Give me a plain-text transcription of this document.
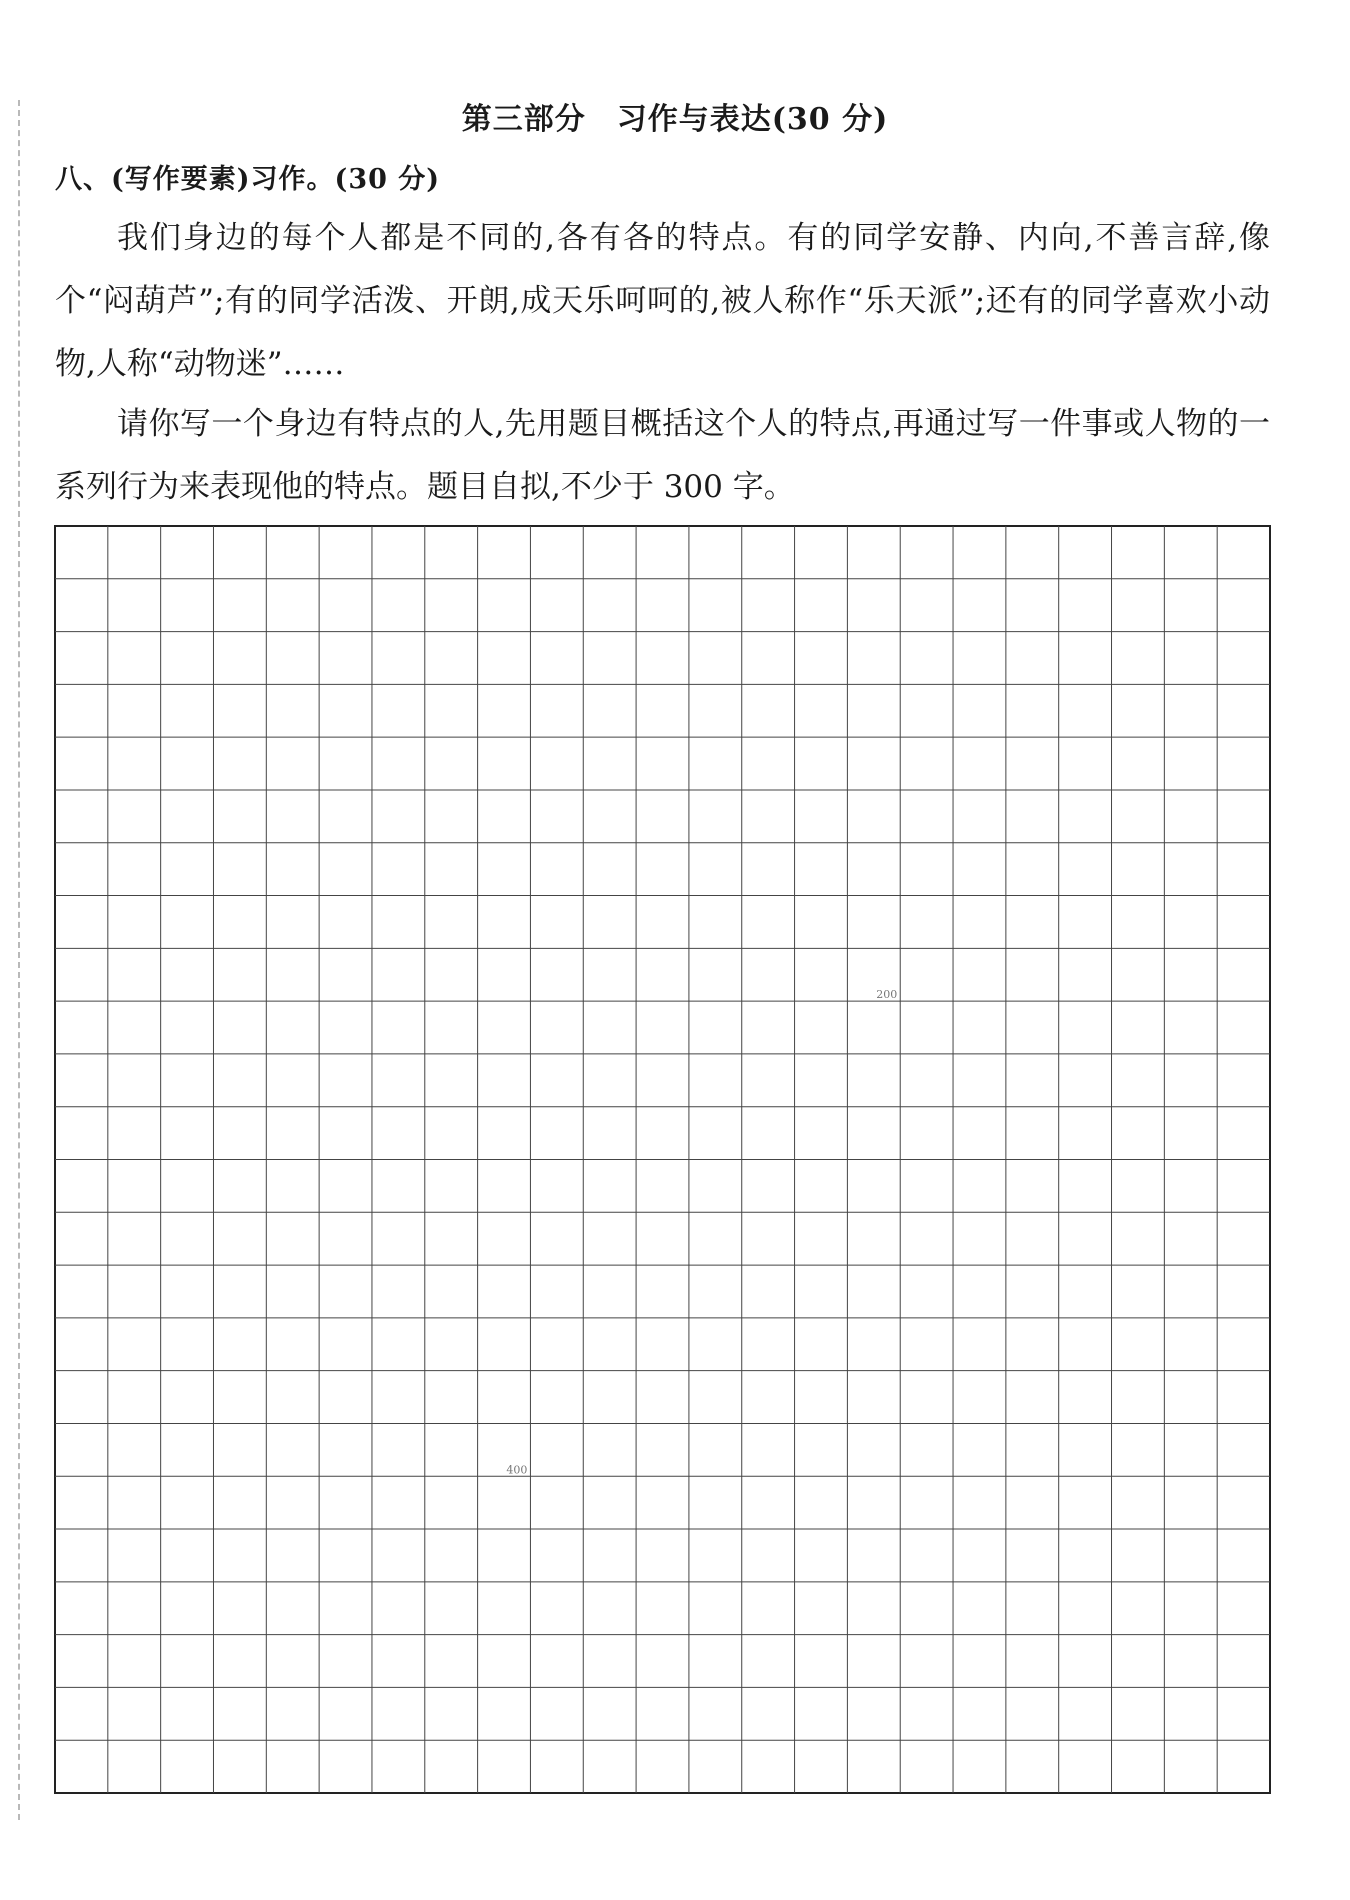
第三部分　习作与表达(30 分)
八、(写作要素)习作。(30 分)

我们身边的每个人都是不同的,各有各的特点。有的同学安静、内向,不善言辞,像个“闷葫芦”;有的同学活泼、开朗,成天乐呵呵的,被人称作“乐天派”;还有的同学喜欢小动物,人称“动物迷”……

请你写一个身边有特点的人,先用题目概括这个人的特点,再通过写一件事或人物的一系列行为来表现他的特点。题目自拟,不少于 300 字。

200
400
